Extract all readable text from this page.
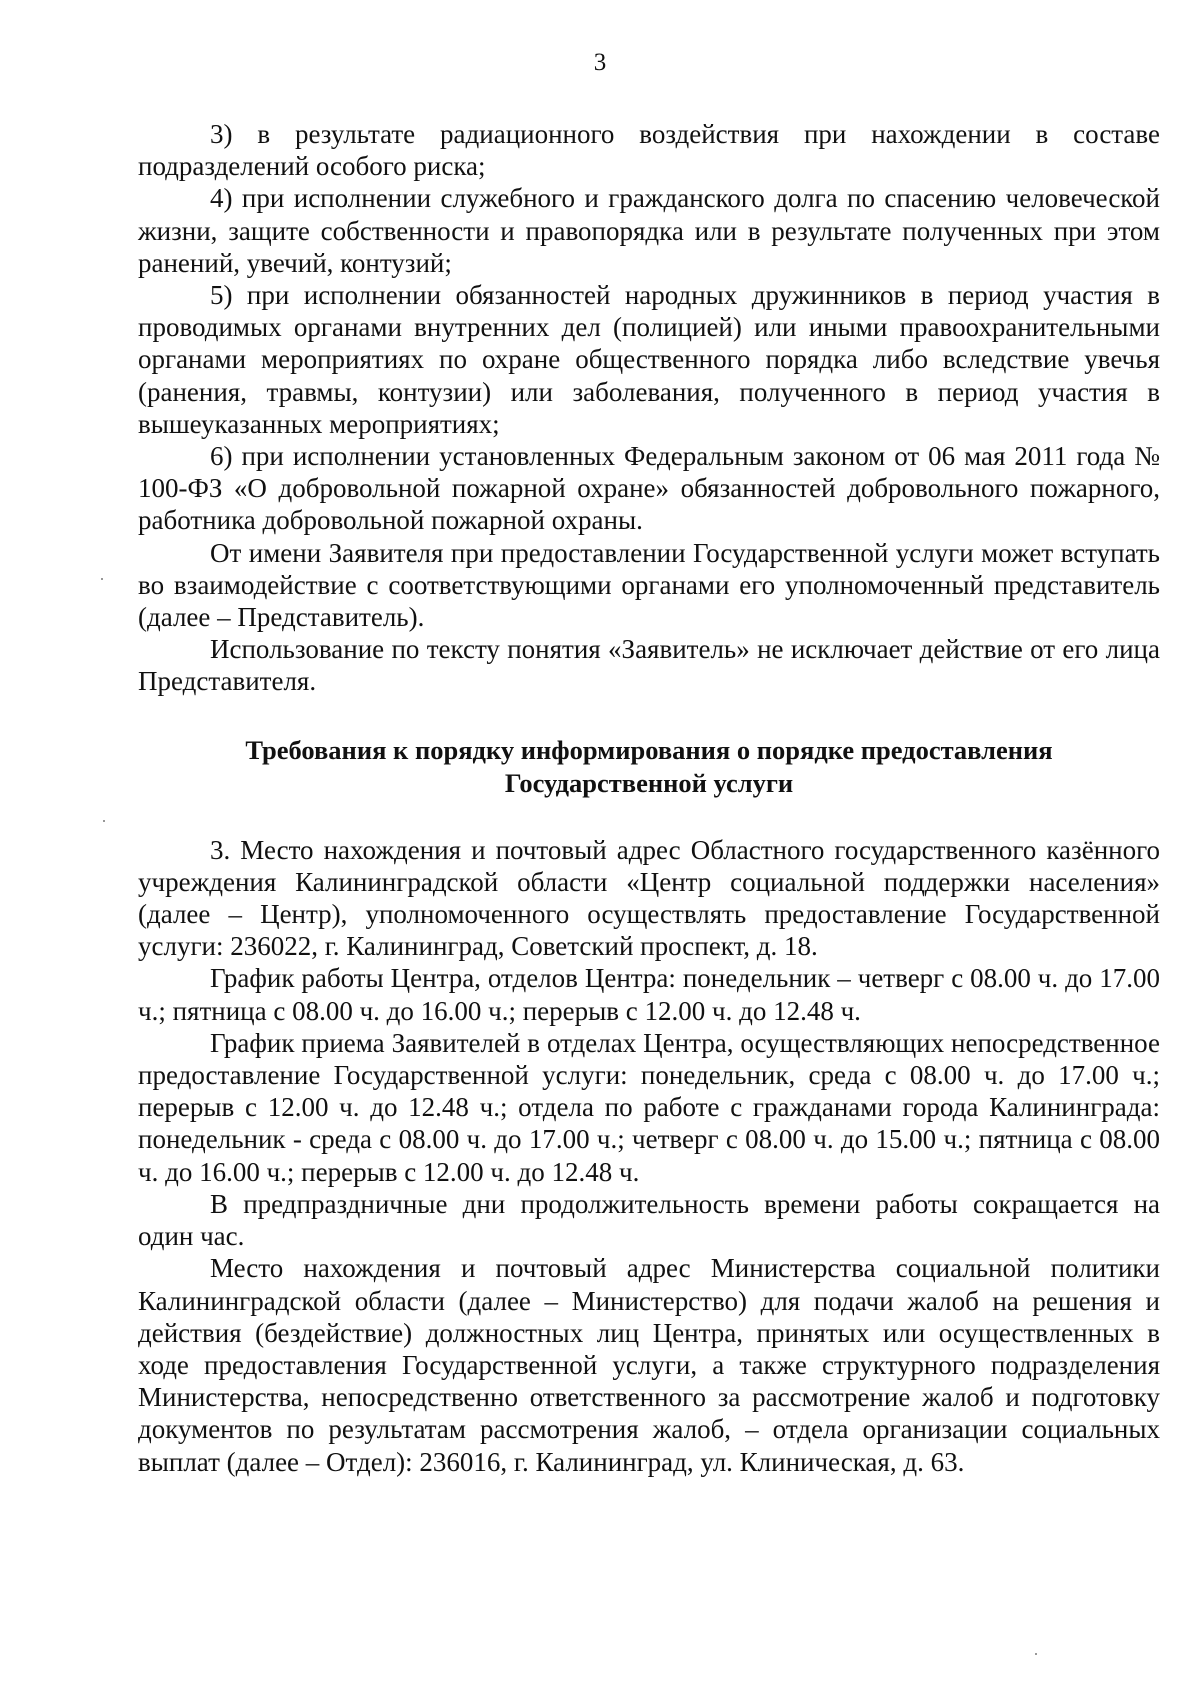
3

3) в результате радиационного воздействия при нахождении в составе подразделений особого риска;

4) при исполнении служебного и гражданского долга по спасению человеческой жизни, защите собственности и правопорядка или в результате полученных при этом ранений, увечий, контузий;

5) при исполнении обязанностей народных дружинников в период участия в проводимых органами внутренних дел (полицией) или иными правоохранительными органами мероприятиях по охране общественного порядка либо вследствие увечья (ранения, травмы, контузии) или заболевания, полученного в период участия в вышеуказанных мероприятиях;

6) при исполнении установленных Федеральным законом от 06 мая 2011 года № 100-ФЗ «О добровольной пожарной охране» обязанностей добровольного пожарного, работника добровольной пожарной охраны.

От имени Заявителя при предоставлении Государственной услуги может вступать во взаимодействие с соответствующими органами его уполномоченный представитель (далее – Представитель).

Использование по тексту понятия «Заявитель» не исключает действие от его лица Представителя.

Требования к порядку информирования о порядке предоставления

Государственной услуги

3. Место нахождения и почтовый адрес Областного государственного казённого учреждения Калининградской области «Центр социальной поддержки населения» (далее – Центр), уполномоченного осуществлять предоставление Государственной услуги: 236022, г. Калининград, Советский проспект, д. 18.

График работы Центра, отделов Центра: понедельник – четверг с 08.00 ч. до 17.00 ч.; пятница с 08.00 ч. до 16.00 ч.; перерыв с 12.00 ч. до 12.48 ч.

График приема Заявителей в отделах Центра, осуществляющих непосредственное предоставление Государственной услуги: понедельник, среда с 08.00 ч. до 17.00 ч.; перерыв с 12.00 ч. до 12.48 ч.; отдела по работе с гражданами города Калининграда: понедельник - среда с 08.00 ч. до 17.00 ч.; четверг с 08.00 ч. до 15.00 ч.; пятница с 08.00 ч. до 16.00 ч.; перерыв с 12.00 ч. до 12.48 ч.

В предпраздничные дни продолжительность времени работы сокращается на один час.

Место нахождения и почтовый адрес Министерства социальной политики Калининградской области (далее – Министерство) для подачи жалоб на решения и действия (бездействие) должностных лиц Центра, принятых или осуществленных в ходе предоставления Государственной услуги, а также структурного подразделения Министерства, непосредственно ответственного за рассмотрение жалоб и подготовку документов по результатам рассмотрения жалоб, – отдела организации социальных выплат (далее – Отдел): 236016, г. Калининград, ул. Клиническая, д. 63.
